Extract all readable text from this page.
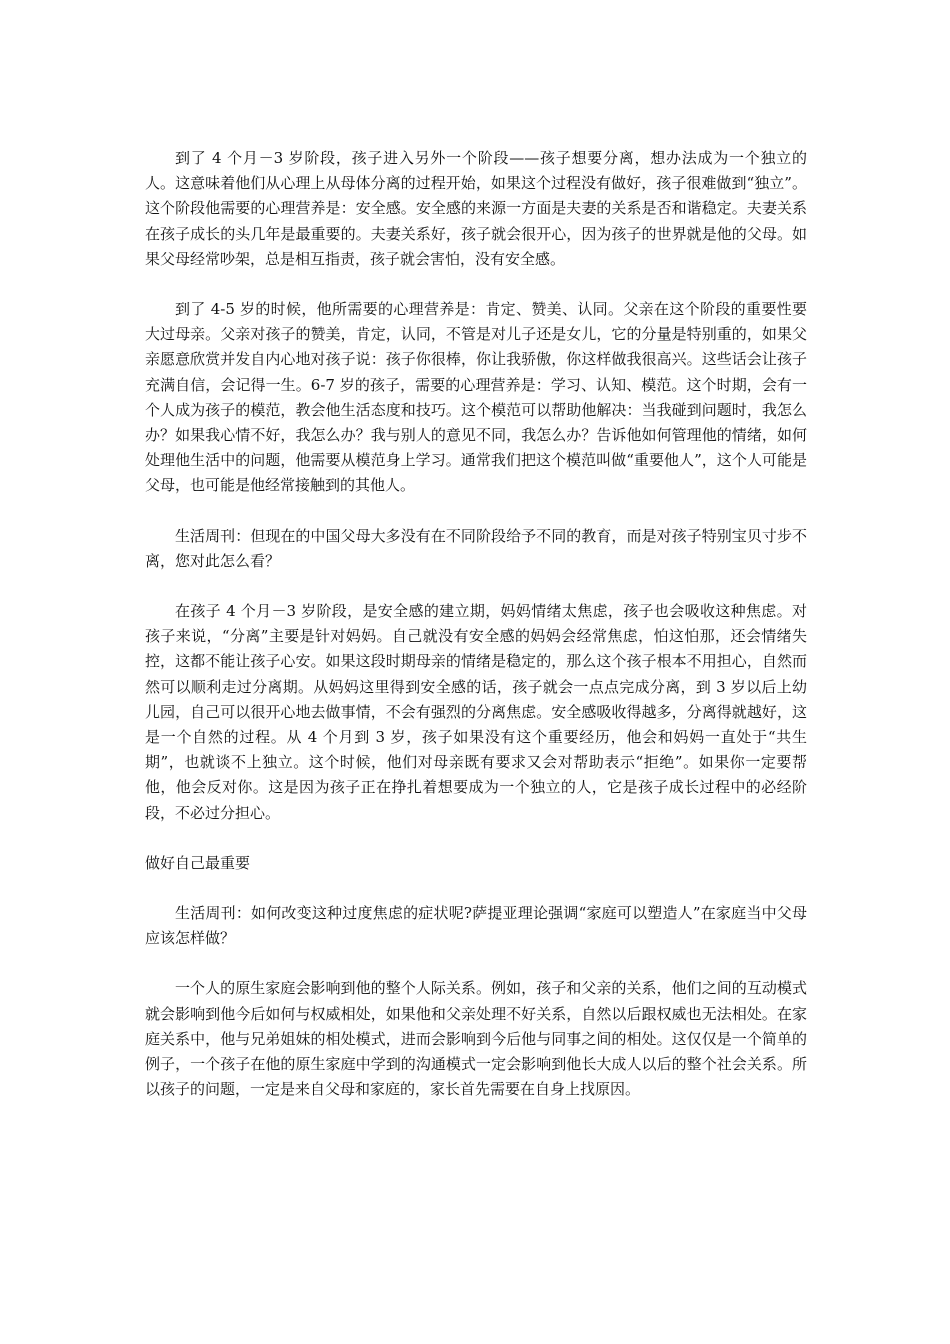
到了 4 个月－3 岁阶段，孩子进入另外一个阶段——孩子想要分离，想办法成为一个独立的人。这意味着他们从心理上从母体分离的过程开始，如果这个过程没有做好，孩子很难做到“独立”。这个阶段他需要的心理营养是：安全感。安全感的来源一方面是夫妻的关系是否和谐稳定。夫妻关系在孩子成长的头几年是最重要的。夫妻关系好，孩子就会很开心，因为孩子的世界就是他的父母。如果父母经常吵架，总是相互指责，孩子就会害怕，没有安全感。

到了 4-5 岁的时候，他所需要的心理营养是：肯定、赞美、认同。父亲在这个阶段的重要性要大过母亲。父亲对孩子的赞美，肯定，认同，不管是对儿子还是女儿，它的分量是特别重的，如果父亲愿意欣赏并发自内心地对孩子说：孩子你很棒，你让我骄傲，你这样做我很高兴。这些话会让孩子充满自信，会记得一生。6-7 岁的孩子，需要的心理营养是：学习、认知、模范。这个时期，会有一个人成为孩子的模范，教会他生活态度和技巧。这个模范可以帮助他解决：当我碰到问题时，我怎么办？如果我心情不好，我怎么办？我与别人的意见不同，我怎么办？告诉他如何管理他的情绪，如何处理他生活中的问题，他需要从模范身上学习。通常我们把这个模范叫做“重要他人”，这个人可能是父母，也可能是他经常接触到的其他人。

生活周刊：但现在的中国父母大多没有在不同阶段给予不同的教育，而是对孩子特别宝贝寸步不离，您对此怎么看？

在孩子 4 个月－3 岁阶段，是安全感的建立期，妈妈情绪太焦虑，孩子也会吸收这种焦虑。对孩子来说，“分离”主要是针对妈妈。自己就没有安全感的妈妈会经常焦虑，怕这怕那，还会情绪失控，这都不能让孩子心安。如果这段时期母亲的情绪是稳定的，那么这个孩子根本不用担心，自然而然可以顺利走过分离期。从妈妈这里得到安全感的话，孩子就会一点点完成分离，到 3 岁以后上幼儿园，自己可以很开心地去做事情，不会有强烈的分离焦虑。安全感吸收得越多，分离得就越好，这是一个自然的过程。从 4 个月到 3 岁，孩子如果没有这个重要经历，他会和妈妈一直处于“共生期”，也就谈不上独立。这个时候，他们对母亲既有要求又会对帮助表示“拒绝”。如果你一定要帮他，他会反对你。这是因为孩子正在挣扎着想要成为一个独立的人，它是孩子成长过程中的必经阶段，不必过分担心。

做好自己最重要

生活周刊：如何改变这种过度焦虑的症状呢?萨提亚理论强调“家庭可以塑造人”在家庭当中父母应该怎样做？

一个人的原生家庭会影响到他的整个人际关系。例如，孩子和父亲的关系，他们之间的互动模式就会影响到他今后如何与权威相处，如果他和父亲处理不好关系，自然以后跟权威也无法相处。在家庭关系中，他与兄弟姐妹的相处模式，进而会影响到今后他与同事之间的相处。这仅仅是一个简单的例子，一个孩子在他的原生家庭中学到的沟通模式一定会影响到他长大成人以后的整个社会关系。所以孩子的问题，一定是来自父母和家庭的，家长首先需要在自身上找原因。
